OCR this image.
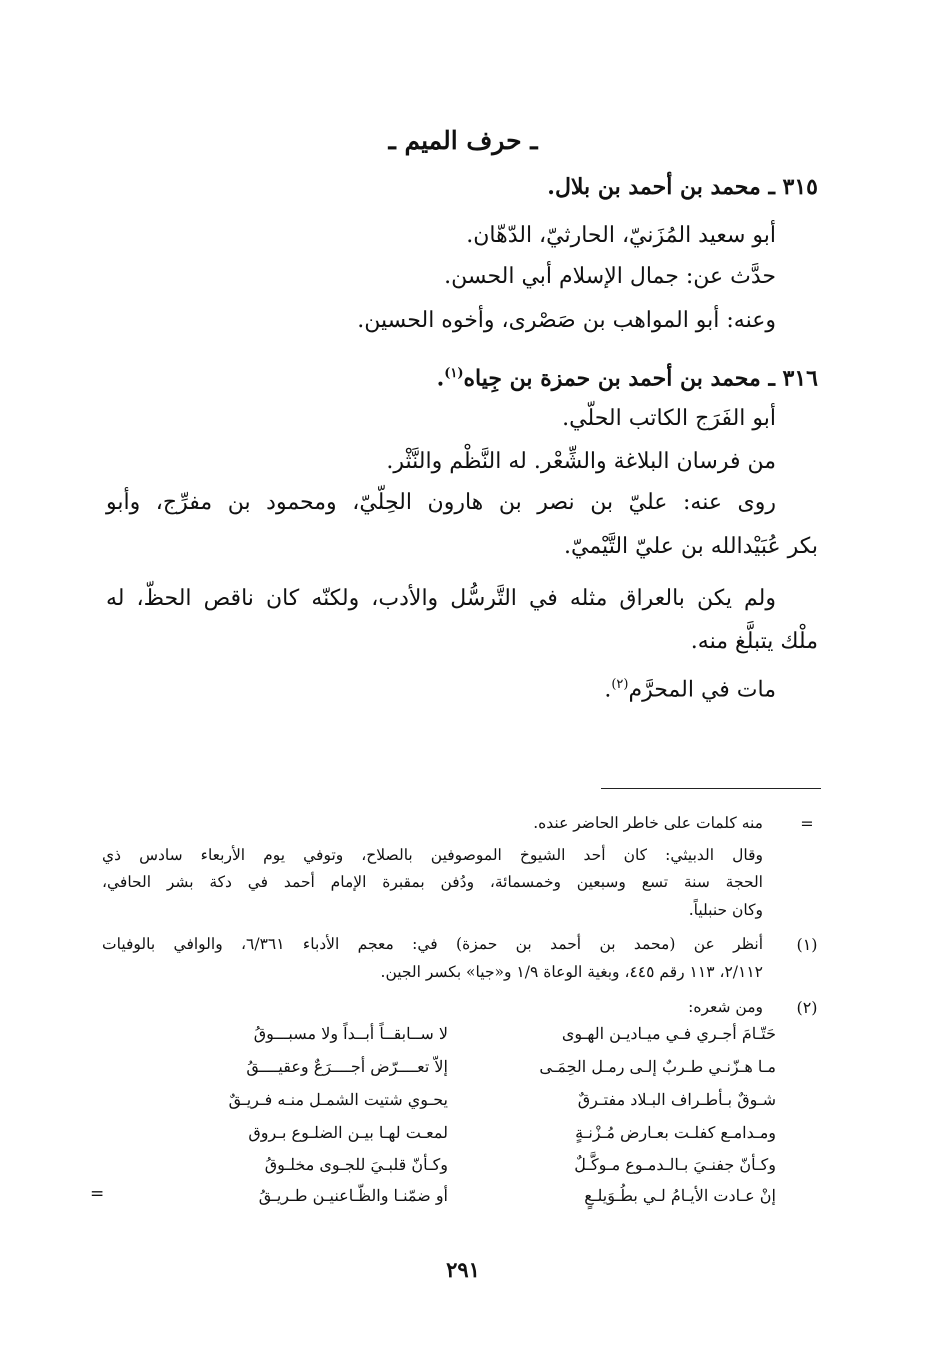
ـ حرف الميم ـ
٣١٥ ـ محمد بن أحمد بن بلال.
أبو سعيد المُزَنيّ، الحارثيّ، الدّهّان.
حدَّث عن: جمال الإسلام أبي الحسن.
وعنه: أبو المواهب بن صَصْرى، وأخوه الحسين.
٣١٦ ـ محمد بن أحمد بن حمزة بن جِياه$^{(١)}$.
أبو الفَرَج الكاتب الحلّي.
من فرسان البلاغة والشِّعْر. له النَّظْم والنَّثْر.
روى عنه: عليّ بن نصر بن هارون الحِلّيّ، ومحمود بن مفرِّج، وأبو
بكر عُبَيْدالله بن عليّ التَّيْميّ.
ولم يكن بالعراق مثله في التَّرسُّل والأدب، ولكنّه كان ناقص الحظّ، له
ملْك يتبلَّغ منه.
مات في المحرَّم$^{(٢)}$.
=
منه كلمات على خاطر الحاضر عنده.
وقال الدبيثي: كان أحد الشيوخ الموصوفين بالصلاح، وتوفي يوم الأربعاء سادس ذي
الحجة سنة تسع وسبعين وخمسمائة، ودُفن بمقبرة الإمام أحمد في دكة بشر الحافي،
وكان حنبلياً.
(١)
أنظر عن (محمد بن أحمد بن حمزة) في: معجم الأدباء ٦/٣٦١، والوافي بالوفيات
٢/١١٢، ١١٣ رقم ٤٤٥، وبغية الوعاة ١/٩ و«جيا» بكسر الجين.
(٢)
ومن شعره:
حَتّـامَ أجـري فـي ميـاديـن الهـوى
لا ســابقــاً أبــداً ولا مسبـــوقُ
مـا هـزّنـي طـربٌ إلـى رمـل الحِمَـى
إلاّ تعــــرّض أجــــرَعٌ وعقيــــقُ
شـوقٌ بـأطـراف البـلاد مفتـرقٌ
يحـوي شتيت الشمـل منـه فـريـقٌ
ومـدامـع كفلـت بعـارض مُـزْنـةٍ
لمعـت لهـا بيـن الضلـوع بـروق
وكـأنّ جفنـيَ بـالـدمـوع مـوكَّـلٌ
وكـأنّ قلبـيَ للجـوى مخلـوقُ
إنْ عـادت الأيـامُ لـي بطُـوَيلـعٍ
أو ضمّنـا والظّـاعنيـن طـريـقُ
=
٢٩١
